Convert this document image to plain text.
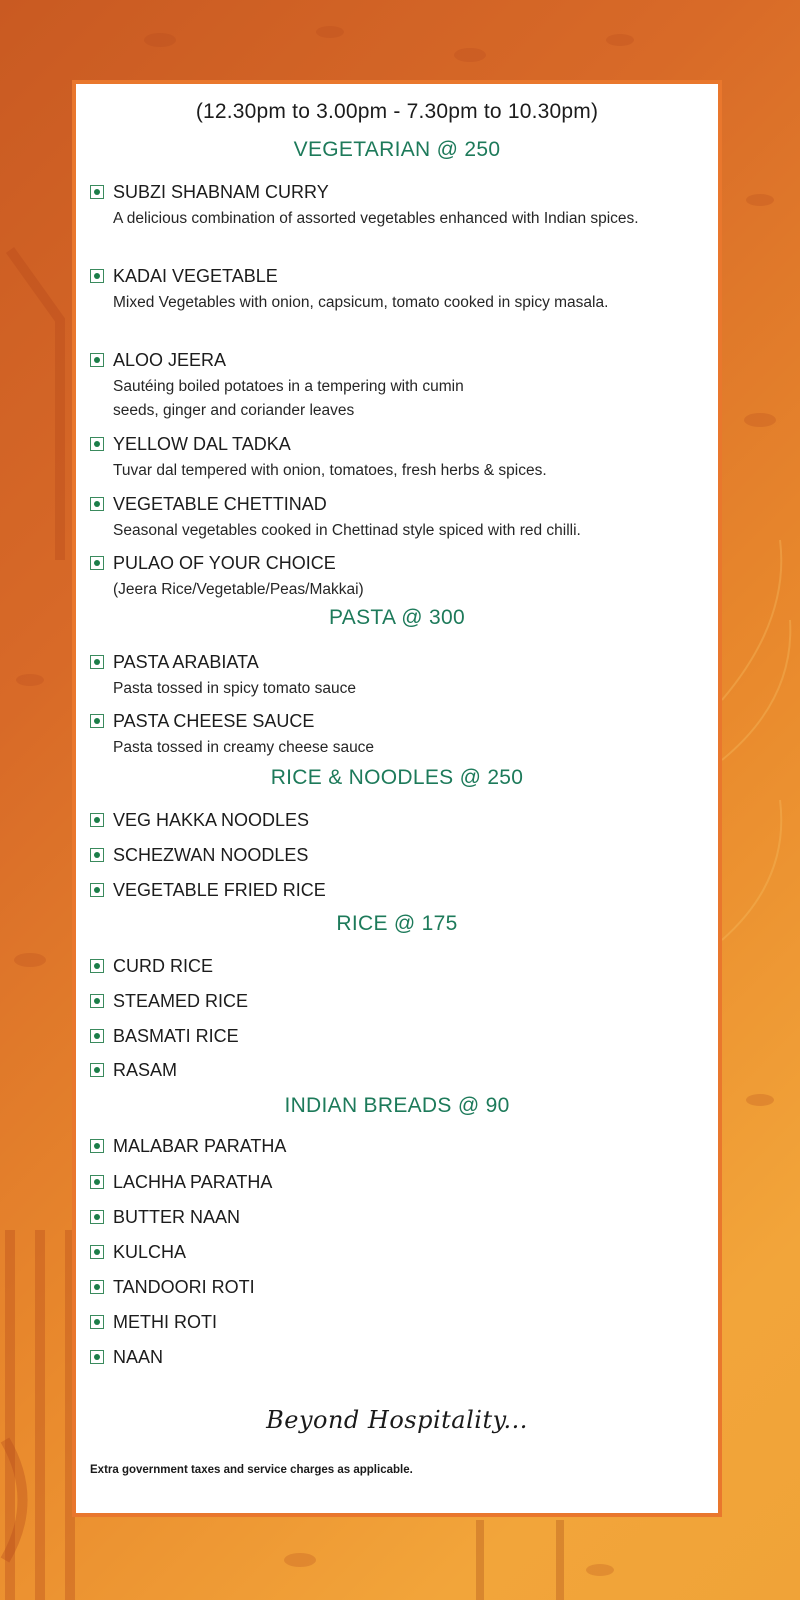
(12.30pm to 3.00pm - 7.30pm to 10.30pm)
VEGETARIAN @ 250
SUBZI SHABNAM CURRY
A delicious combination of assorted vegetables enhanced with Indian spices.
KADAI VEGETABLE
Mixed Vegetables with onion, capsicum, tomato cooked in spicy masala.
ALOO JEERA
Sautéing boiled potatoes in a tempering with cumin seeds, ginger and coriander leaves
YELLOW DAL TADKA
Tuvar dal tempered with onion, tomatoes, fresh herbs & spices.
VEGETABLE CHETTINAD
Seasonal vegetables cooked in Chettinad style spiced with red chilli.
PULAO OF YOUR CHOICE
(Jeera Rice/Vegetable/Peas/Makkai)
PASTA @ 300
PASTA ARABIATA
Pasta tossed in spicy tomato sauce
PASTA CHEESE SAUCE
Pasta tossed in creamy cheese sauce
RICE & NOODLES @ 250
VEG HAKKA NOODLES
SCHEZWAN NOODLES
VEGETABLE FRIED RICE
RICE @ 175
CURD RICE
STEAMED RICE
BASMATI RICE
RASAM
INDIAN BREADS @ 90
MALABAR PARATHA
LACHHA PARATHA
BUTTER NAAN
KULCHA
TANDOORI ROTI
METHI ROTI
NAAN
Beyond Hospitality...
Extra government taxes and service charges as applicable.
